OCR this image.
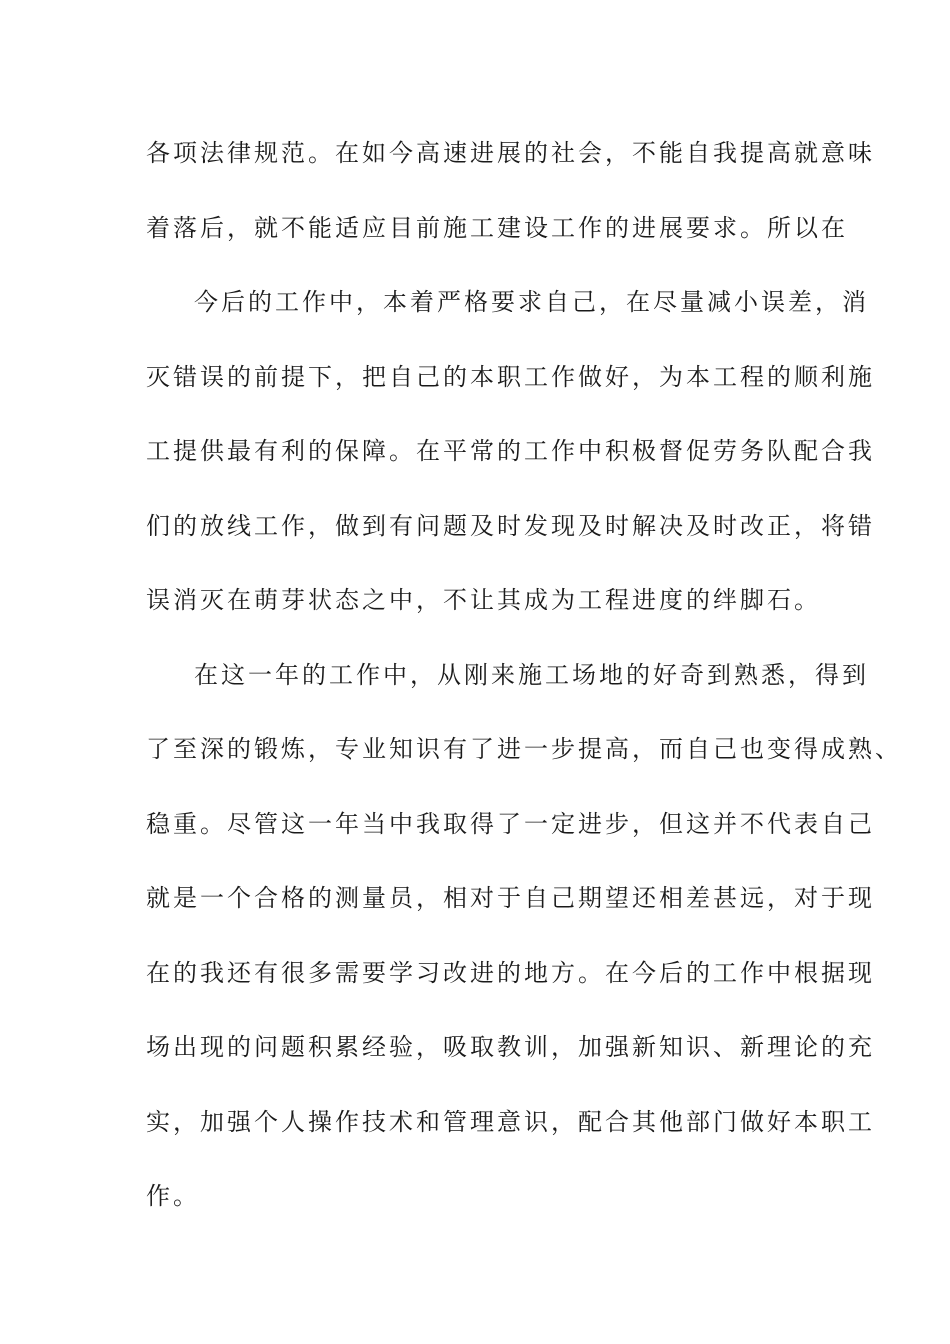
各项法律规范。在如今高速进展的社会，不能自我提高就意味
着落后，就不能适应目前施工建设工作的进展要求。所以在
今后的工作中，本着严格要求自己，在尽量减小误差，消
灭错误的前提下，把自己的本职工作做好，为本工程的顺利施
工提供最有利的保障。在平常的工作中积极督促劳务队配合我
们的放线工作，做到有问题及时发现及时解决及时改正，将错
误消灭在萌芽状态之中，不让其成为工程进度的绊脚石。
在这一年的工作中，从刚来施工场地的好奇到熟悉，得到
了至深的锻炼，专业知识有了进一步提高，而自己也变得成熟、
稳重。尽管这一年当中我取得了一定进步，但这并不代表自己
就是一个合格的测量员，相对于自己期望还相差甚远，对于现
在的我还有很多需要学习改进的地方。在今后的工作中根据现
场出现的问题积累经验，吸取教训，加强新知识、新理论的充
实，加强个人操作技术和管理意识，配合其他部门做好本职工
作。
